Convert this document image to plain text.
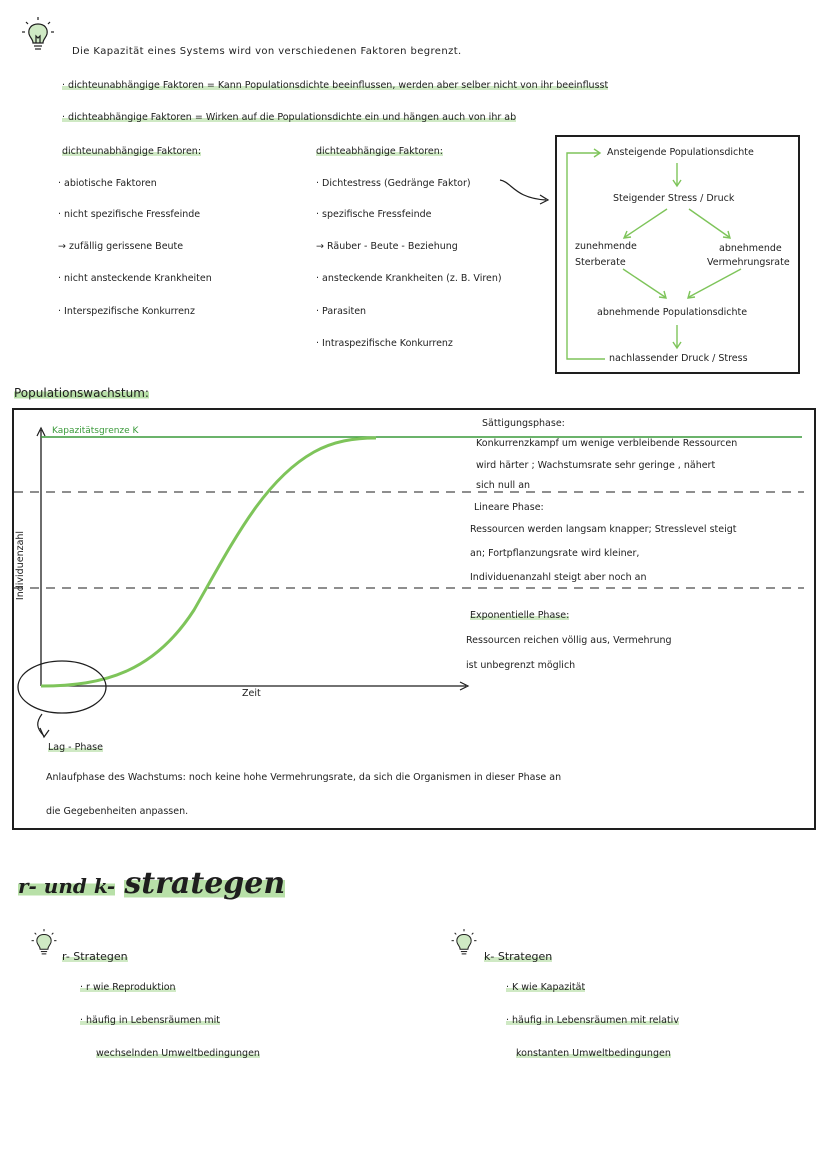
Die Kapazität eines Systems wird von verschiedenen Faktoren begrenzt.
· dichteunabhängige Faktoren = Kann Populationsdichte beeinflussen, werden aber selber nicht von ihr beeinflusst
· dichteabhängige Faktoren = Wirken auf die Populationsdichte ein und hängen auch von ihr ab
dichteunabhängige Faktoren:
· abiotische Faktoren
· nicht spezifische Fressfeinde
→ zufällig gerissene Beute
· nicht ansteckende Krankheiten
· Interspezifische Konkurrenz
dichteabhängige Faktoren:
· Dichtestress (Gedränge Faktor)
· spezifische Fressfeinde
→ Räuber - Beute - Beziehung
· ansteckende Krankheiten (z. B. Viren)
· Parasiten
· Intraspezifische Konkurrenz
Ansteigende Populationsdichte
Steigender Stress / Druck
zunehmende
Sterberate
abnehmende
Vermehrungsrate
abnehmende Populationsdichte
nachlassender Druck / Stress
Populationswachstum:
Kapazitätsgrenze K
Individuenzahl
Zeit
Sättigungsphase:
Konkurrenzkampf um wenige verbleibende Ressourcen
wird härter ; Wachstumsrate sehr geringe , nähert
sich null an
Lineare Phase:
Ressourcen werden langsam knapper; Stresslevel steigt
an; Fortpflanzungsrate wird kleiner,
Individuenanzahl steigt aber noch an
Exponentielle Phase:
Ressourcen reichen völlig aus, Vermehrung
ist unbegrenzt möglich
Lag - Phase
Anlaufphase des Wachstums: noch keine hohe Vermehrungsrate, da sich die Organismen in dieser Phase an
die Gegebenheiten anpassen.
r- und k- strategen
r- Strategen
· r wie Reproduktion
· häufig in Lebensräumen mit
wechselnden Umweltbedingungen
k- Strategen
· K wie Kapazität
· häufig in Lebensräumen mit relativ
konstanten Umweltbedingungen
